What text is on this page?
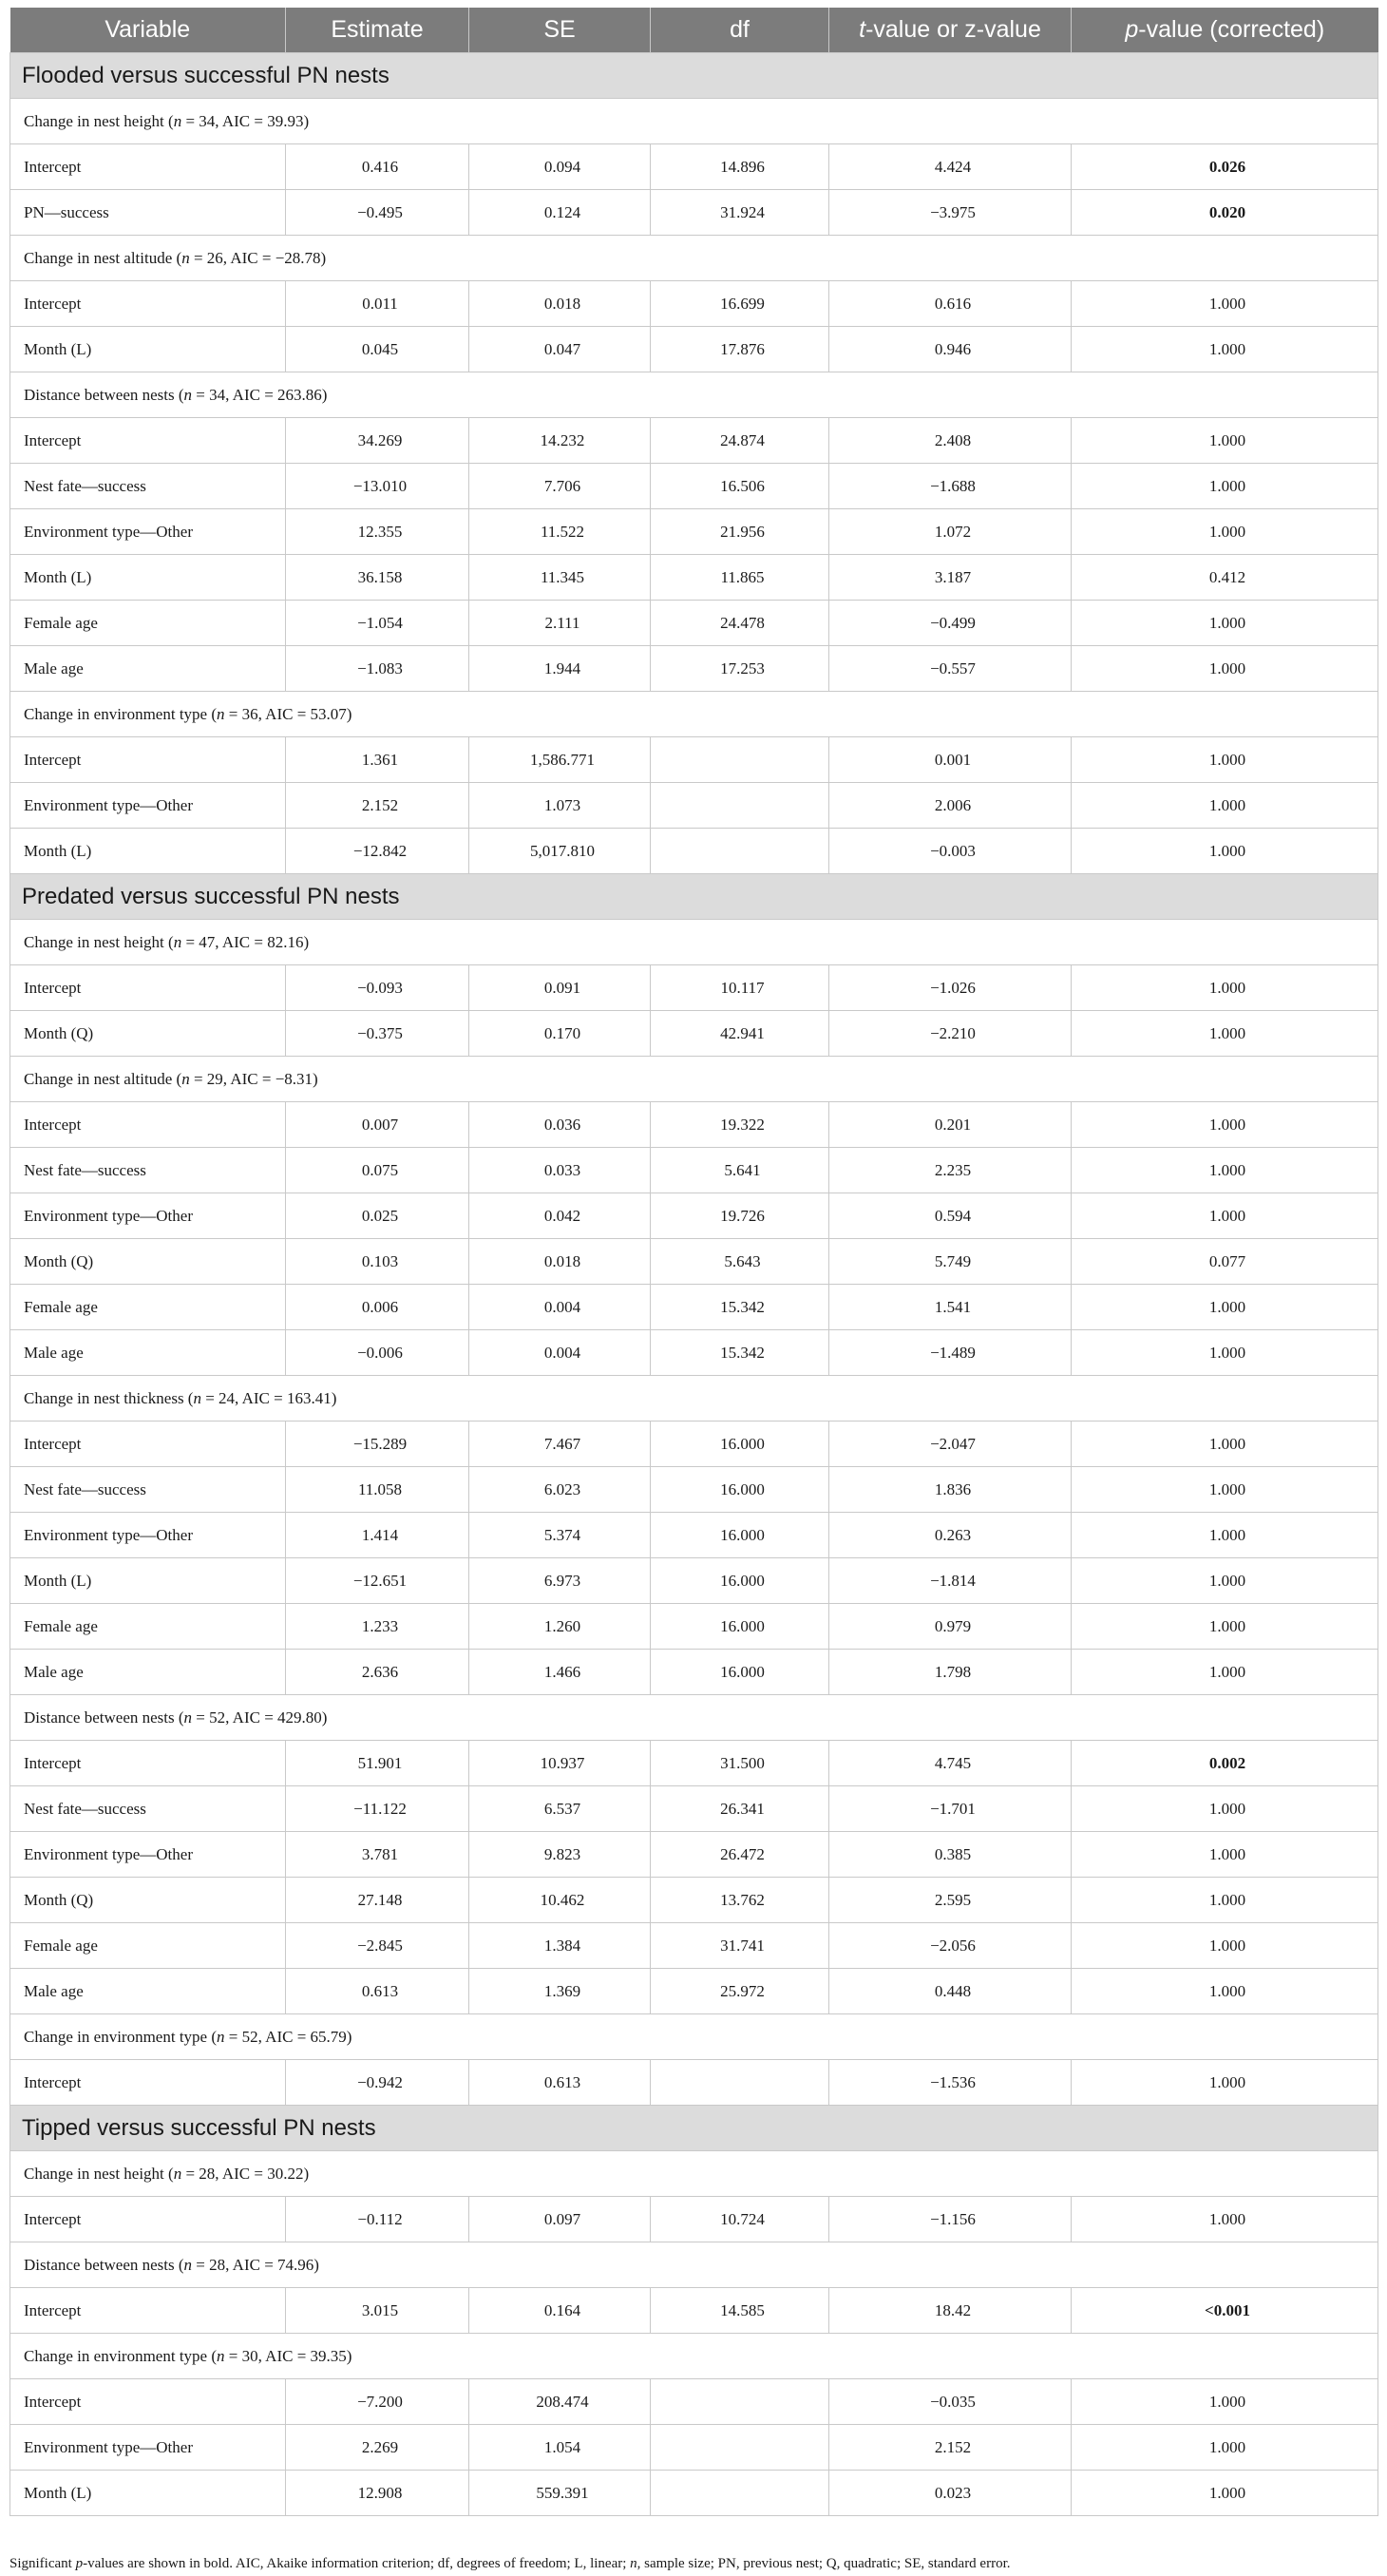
Variable	Estimate	SE	df	t-value or z-value	p-value (corrected)
Flooded versus successful PN nests					
Change in nest height (n = 34, AIC = 39.93)					
Intercept	0.416	0.094	14.896	4.424	0.026
PN—success	−0.495	0.124	31.924	−3.975	0.020
Change in nest altitude (n = 26, AIC = −28.78)					
Intercept	0.011	0.018	16.699	0.616	1.000
Month (L)	0.045	0.047	17.876	0.946	1.000
Distance between nests (n = 34, AIC = 263.86)					
Intercept	34.269	14.232	24.874	2.408	1.000
Nest fate—success	−13.010	7.706	16.506	−1.688	1.000
Environment type—Other	12.355	11.522	21.956	1.072	1.000
Month (L)	36.158	11.345	11.865	3.187	0.412
Female age	−1.054	2.111	24.478	−0.499	1.000
Male age	−1.083	1.944	17.253	−0.557	1.000
Change in environment type (n = 36, AIC = 53.07)					
Intercept	1.361	1,586.771		0.001	1.000
Environment type—Other	2.152	1.073		2.006	1.000
Month (L)	−12.842	5,017.810		−0.003	1.000
Predated versus successful PN nests					
Change in nest height (n = 47, AIC = 82.16)					
Intercept	−0.093	0.091	10.117	−1.026	1.000
Month (Q)	−0.375	0.170	42.941	−2.210	1.000
Change in nest altitude (n = 29, AIC = −8.31)					
Intercept	0.007	0.036	19.322	0.201	1.000
Nest fate—success	0.075	0.033	5.641	2.235	1.000
Environment type—Other	0.025	0.042	19.726	0.594	1.000
Month (Q)	0.103	0.018	5.643	5.749	0.077
Female age	0.006	0.004	15.342	1.541	1.000
Male age	−0.006	0.004	15.342	−1.489	1.000
Change in nest thickness (n = 24, AIC = 163.41)					
Intercept	−15.289	7.467	16.000	−2.047	1.000
Nest fate—success	11.058	6.023	16.000	1.836	1.000
Environment type—Other	1.414	5.374	16.000	0.263	1.000
Month (L)	−12.651	6.973	16.000	−1.814	1.000
Female age	1.233	1.260	16.000	0.979	1.000
Male age	2.636	1.466	16.000	1.798	1.000
Distance between nests (n = 52, AIC = 429.80)					
Intercept	51.901	10.937	31.500	4.745	0.002
Nest fate—success	−11.122	6.537	26.341	−1.701	1.000
Environment type—Other	3.781	9.823	26.472	0.385	1.000
Month (Q)	27.148	10.462	13.762	2.595	1.000
Female age	−2.845	1.384	31.741	−2.056	1.000
Male age	0.613	1.369	25.972	0.448	1.000
Change in environment type (n = 52, AIC = 65.79)					
Intercept	−0.942	0.613		−1.536	1.000
Tipped versus successful PN nests					
Change in nest height (n = 28, AIC = 30.22)					
Intercept	−0.112	0.097	10.724	−1.156	1.000
Distance between nests (n = 28, AIC = 74.96)					
Intercept	3.015	0.164	14.585	18.42	<0.001
Change in environment type (n = 30, AIC = 39.35)					
Intercept	−7.200	208.474		−0.035	1.000
Environment type—Other	2.269	1.054		2.152	1.000
Month (L)	12.908	559.391		0.023	1.000
Significant p-values are shown in bold. AIC, Akaike information criterion; df, degrees of freedom; L, linear; n, sample size; PN, previous nest; Q, quadratic; SE, standard error.
